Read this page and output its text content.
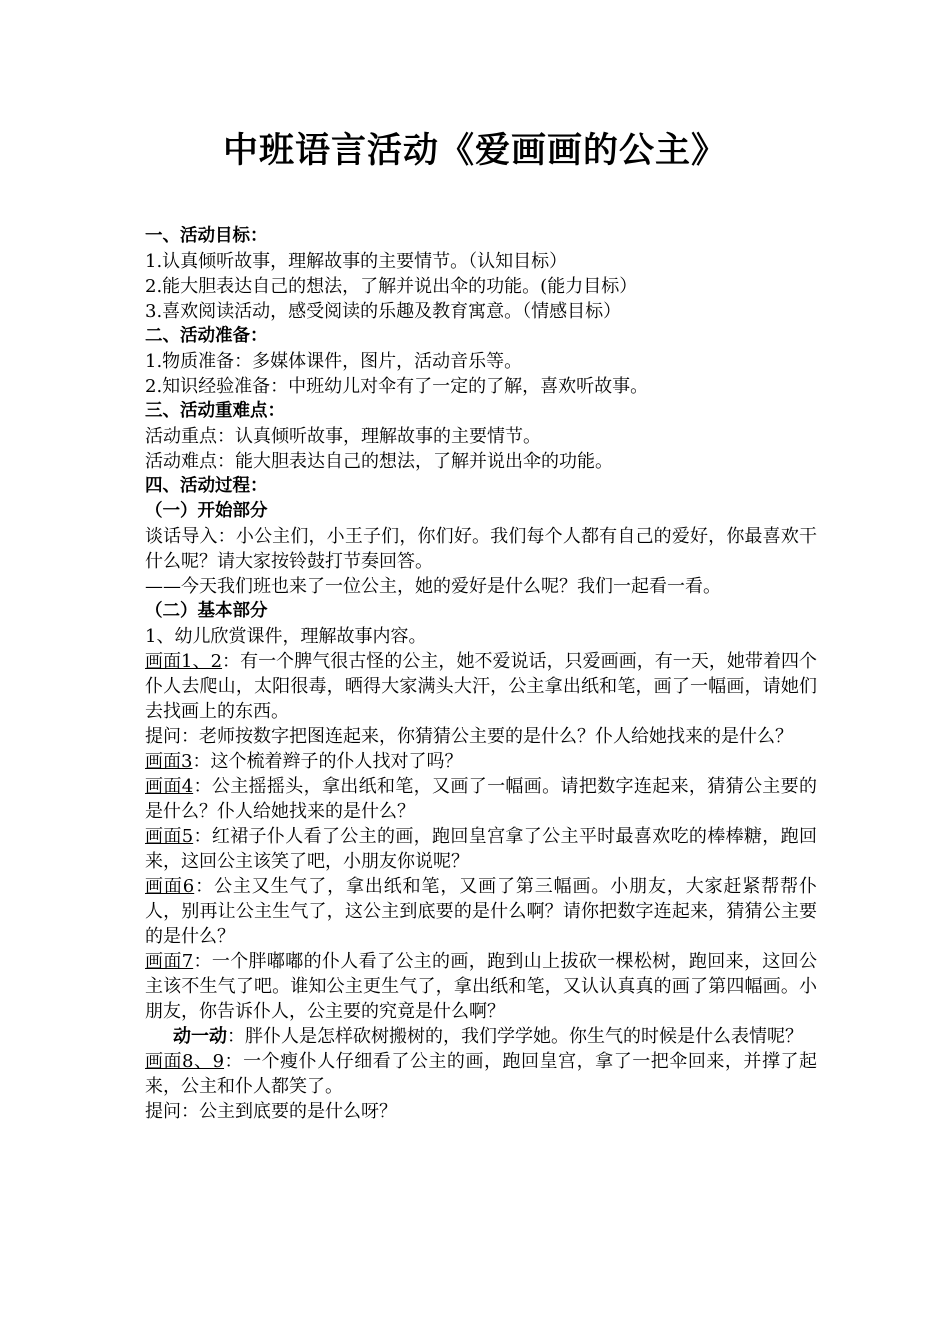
中班语言活动《爱画画的公主》

一、活动目标：

1.认真倾听故事，理解故事的主要情节。（认知目标）

2.能大胆表达自己的想法，了解并说出伞的功能。(能力目标）

3.喜欢阅读活动，感受阅读的乐趣及教育寓意。（情感目标）

二、活动准备：

1.物质准备：多媒体课件，图片，活动音乐等。

2.知识经验准备：中班幼儿对伞有了一定的了解，喜欢听故事。

三、活动重难点：

活动重点：认真倾听故事，理解故事的主要情节。

活动难点：能大胆表达自己的想法，了解并说出伞的功能。

四、活动过程：

（一）开始部分

谈话导入：小公主们，小王子们，你们好。我们每个人都有自己的爱好，你最喜欢干什么呢？请大家按铃鼓打节奏回答。

——今天我们班也来了一位公主，她的爱好是什么呢？我们一起看一看。

（二）基本部分

1、幼儿欣赏课件，理解故事内容。

画面1、2：有一个脾气很古怪的公主，她不爱说话，只爱画画，有一天，她带着四个仆人去爬山，太阳很毒，晒得大家满头大汗，公主拿出纸和笔，画了一幅画，请她们去找画上的东西。

提问：老师按数字把图连起来，你猜猜公主要的是什么？仆人给她找来的是什么？

画面3：这个梳着辫子的仆人找对了吗？

画面4：公主摇摇头，拿出纸和笔，又画了一幅画。请把数字连起来，猜猜公主要的是什么？仆人给她找来的是什么？

画面5：红裙子仆人看了公主的画，跑回皇宫拿了公主平时最喜欢吃的棒棒糖，跑回来，这回公主该笑了吧，小朋友你说呢？

画面6：公主又生气了，拿出纸和笔，又画了第三幅画。小朋友，大家赶紧帮帮仆人，别再让公主生气了，这公主到底要的是什么啊？请你把数字连起来，猜猜公主要的是什么？

画面7：一个胖嘟嘟的仆人看了公主的画，跑到山上拔砍一棵松树，跑回来，这回公主该不生气了吧。谁知公主更生气了，拿出纸和笔，又认认真真的画了第四幅画。小朋友，你告诉仆人，公主要的究竟是什么啊？

动一动：胖仆人是怎样砍树搬树的，我们学学她。你生气的时候是什么表情呢？

画面8、9：一个瘦仆人仔细看了公主的画，跑回皇宫，拿了一把伞回来，并撑了起来，公主和仆人都笑了。

提问：公主到底要的是什么呀？
